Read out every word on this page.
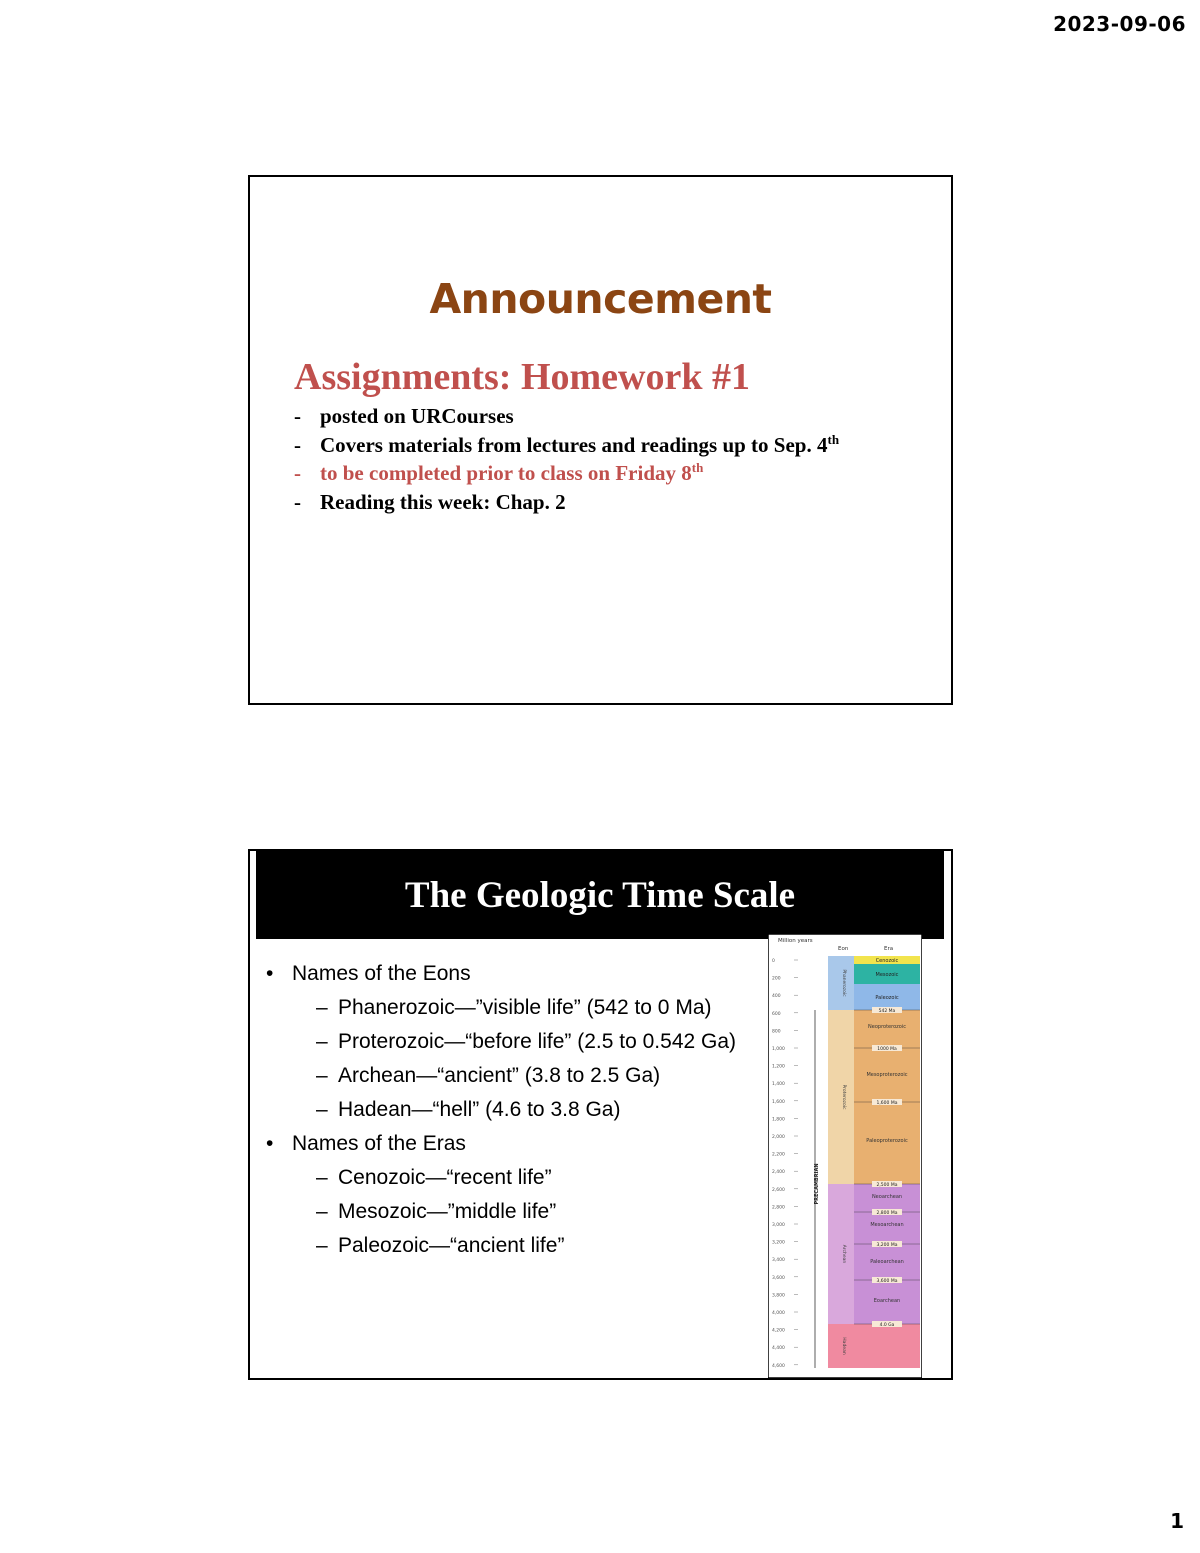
2023-09-06
Announcement
Assignments: Homework #1
- posted on URCourses
- Covers materials from lectures and readings up to Sep. 4th
- to be completed prior to class on Friday 8th
- Reading this week: Chap. 2
The Geologic Time Scale
• Names of the Eons
– Phanerozoic—”visible life” (542 to 0 Ma)
– Proterozoic—“before life” (2.5 to 0.542 Ga)
– Archean—“ancient” (3.8 to 2.5 Ga)
– Hadean—“hell” (4.6 to 3.8 Ga)
• Names of the Eras
– Cenozoic—“recent life”
– Mesozoic—”middle life”
– Paleozoic—“ancient life”
Million years
Eon	Era
0
200
400
600
800
1,000
1,200
1,400
1,600
1,800
2,000
2,200
2,400
2,600
2,800
3,000
3,200
3,400
3,600
3,800
4,000
4,200
4,400
4,600
Phanerozoic
Proterozoic
Archean
Hadean
Cenozoic
Mesozoic
Paleozoic
Neoproterozoic
Mesoproterozoic
Paleoproterozoic
Neoarchean
Mesoarchean
Paleoarchean
Eoarchean
542 Ma
1000 Ma
1,600 Ma
2,500 Ma
2,800 Ma
3,200 Ma
3,600 Ma
4.0 Ga
PRECAMBRIAN
1
